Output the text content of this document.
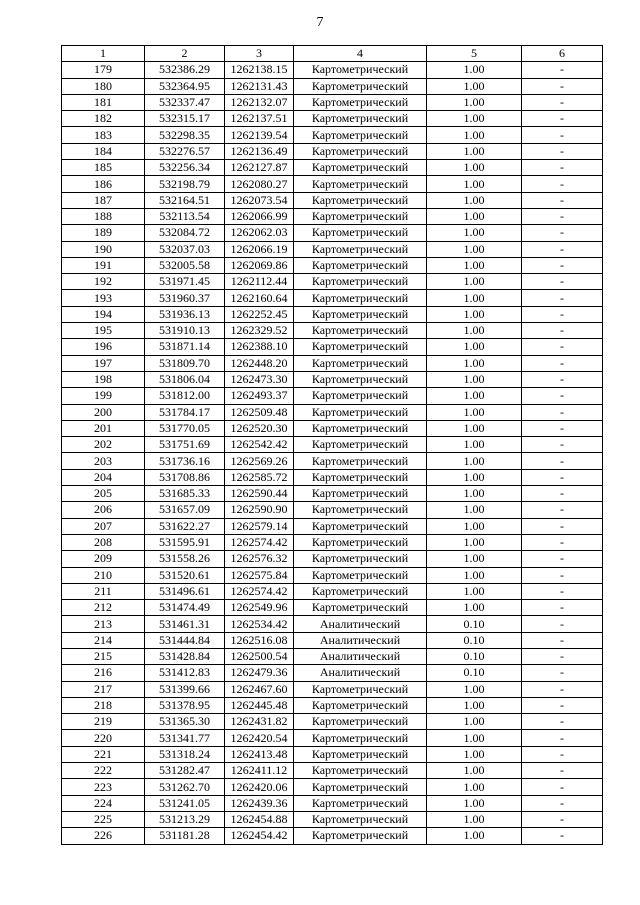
7
1	2	3	4	5	6
179	532386.29	1262138.15	Картометрический	1.00	-
180	532364.95	1262131.43	Картометрический	1.00	-
181	532337.47	1262132.07	Картометрический	1.00	-
182	532315.17	1262137.51	Картометрический	1.00	-
183	532298.35	1262139.54	Картометрический	1.00	-
184	532276.57	1262136.49	Картометрический	1.00	-
185	532256.34	1262127.87	Картометрический	1.00	-
186	532198.79	1262080.27	Картометрический	1.00	-
187	532164.51	1262073.54	Картометрический	1.00	-
188	532113.54	1262066.99	Картометрический	1.00	-
189	532084.72	1262062.03	Картометрический	1.00	-
190	532037.03	1262066.19	Картометрический	1.00	-
191	532005.58	1262069.86	Картометрический	1.00	-
192	531971.45	1262112.44	Картометрический	1.00	-
193	531960.37	1262160.64	Картометрический	1.00	-
194	531936.13	1262252.45	Картометрический	1.00	-
195	531910.13	1262329.52	Картометрический	1.00	-
196	531871.14	1262388.10	Картометрический	1.00	-
197	531809.70	1262448.20	Картометрический	1.00	-
198	531806.04	1262473.30	Картометрический	1.00	-
199	531812.00	1262493.37	Картометрический	1.00	-
200	531784.17	1262509.48	Картометрический	1.00	-
201	531770.05	1262520.30	Картометрический	1.00	-
202	531751.69	1262542.42	Картометрический	1.00	-
203	531736.16	1262569.26	Картометрический	1.00	-
204	531708.86	1262585.72	Картометрический	1.00	-
205	531685.33	1262590.44	Картометрический	1.00	-
206	531657.09	1262590.90	Картометрический	1.00	-
207	531622.27	1262579.14	Картометрический	1.00	-
208	531595.91	1262574.42	Картометрический	1.00	-
209	531558.26	1262576.32	Картометрический	1.00	-
210	531520.61	1262575.84	Картометрический	1.00	-
211	531496.61	1262574.42	Картометрический	1.00	-
212	531474.49	1262549.96	Картометрический	1.00	-
213	531461.31	1262534.42	Аналитический	0.10	-
214	531444.84	1262516.08	Аналитический	0.10	-
215	531428.84	1262500.54	Аналитический	0.10	-
216	531412.83	1262479.36	Аналитический	0.10	-
217	531399.66	1262467.60	Картометрический	1.00	-
218	531378.95	1262445.48	Картометрический	1.00	-
219	531365.30	1262431.82	Картометрический	1.00	-
220	531341.77	1262420.54	Картометрический	1.00	-
221	531318.24	1262413.48	Картометрический	1.00	-
222	531282.47	1262411.12	Картометрический	1.00	-
223	531262.70	1262420.06	Картометрический	1.00	-
224	531241.05	1262439.36	Картометрический	1.00	-
225	531213.29	1262454.88	Картометрический	1.00	-
226	531181.28	1262454.42	Картометрический	1.00	-
